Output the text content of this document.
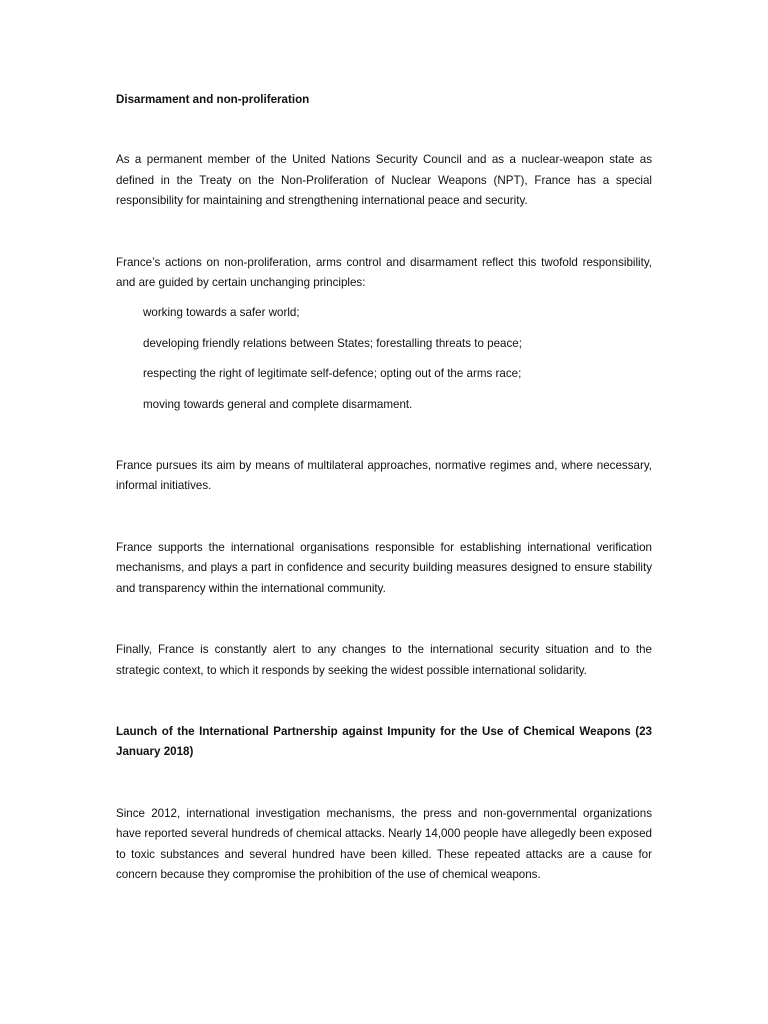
Disarmament and non-proliferation

As a permanent member of the United Nations Security Council and as a nuclear-weapon state as defined in the Treaty on the Non-Proliferation of Nuclear Weapons (NPT), France has a special responsibility for maintaining and strengthening international peace and security.

France’s actions on non-proliferation, arms control and disarmament reflect this twofold responsibility, and are guided by certain unchanging principles:

working towards a safer world;

developing friendly relations between States; forestalling threats to peace;

respecting the right of legitimate self-defence; opting out of the arms race;

moving towards general and complete disarmament.

France pursues its aim by means of multilateral approaches, normative regimes and, where necessary, informal initiatives.

France supports the international organisations responsible for establishing international verification mechanisms, and plays a part in confidence and security building measures designed to ensure stability and transparency within the international community.

Finally, France is constantly alert to any changes to the international security situation and to the strategic context, to which it responds by seeking the widest possible international solidarity.

Launch of the International Partnership against Impunity for the Use of Chemical Weapons (23 January 2018)

Since 2012, international investigation mechanisms, the press and non-governmental organizations have reported several hundreds of chemical attacks. Nearly 14,000 people have allegedly been exposed to toxic substances and several hundred have been killed. These repeated attacks are a cause for concern because they compromise the prohibition of the use of chemical weapons.
